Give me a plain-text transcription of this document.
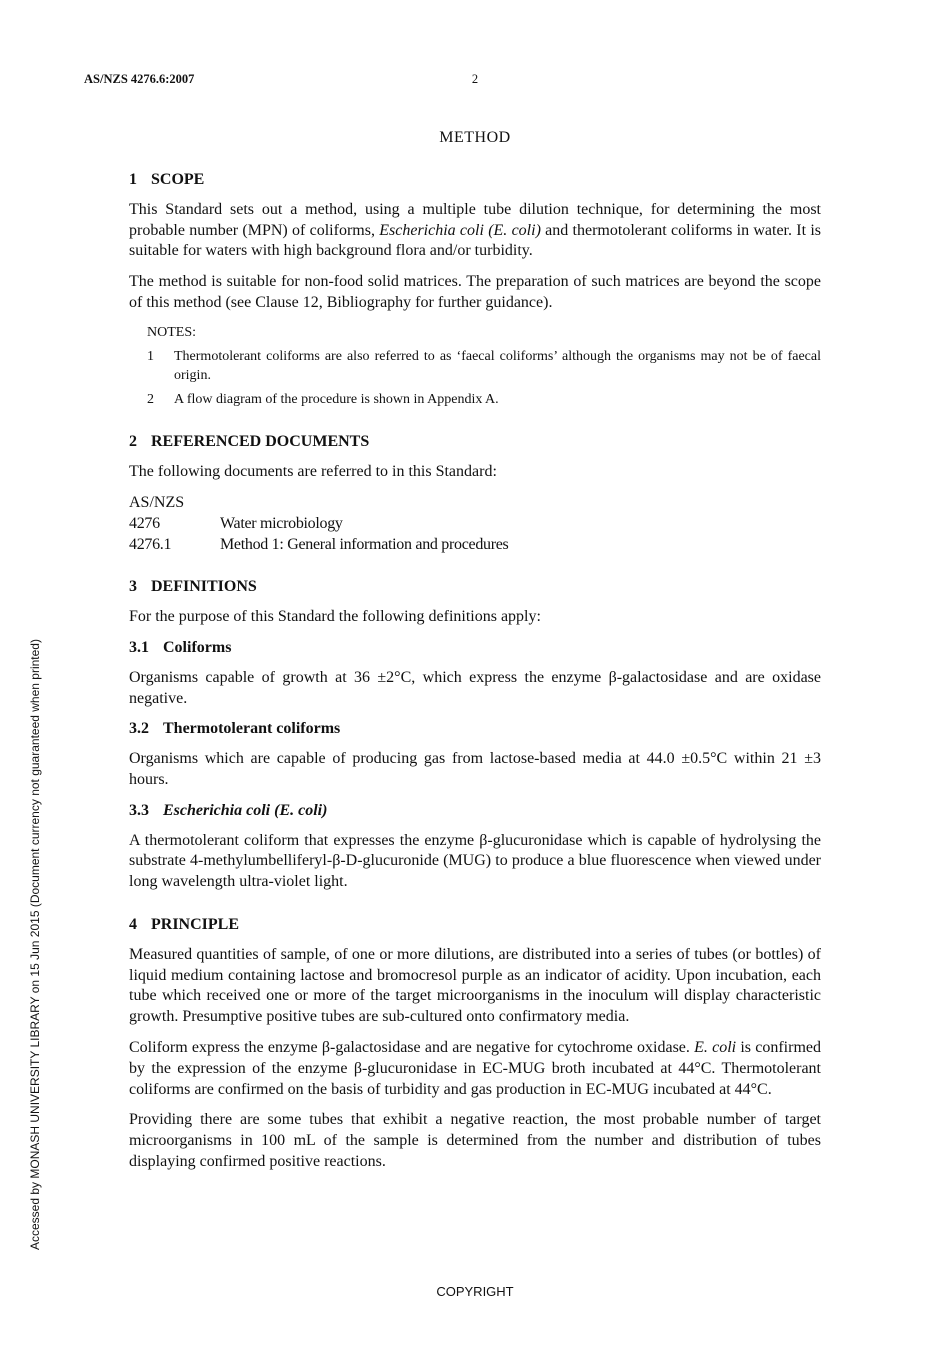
AS/NZS 4276.6:2007	2
METHOD
1 SCOPE

This Standard sets out a method, using a multiple tube dilution technique, for determining the most probable number (MPN) of coliforms, Escherichia coli (E. coli) and thermotolerant coliforms in water. It is suitable for waters with high background flora and/or turbidity.

The method is suitable for non-food solid matrices. The preparation of such matrices are beyond the scope of this method (see Clause 12, Bibliography for further guidance).

NOTES:
1	Thermotolerant coliforms are also referred to as ‘faecal coliforms’ although the organisms may not be of faecal origin.
2	A flow diagram of the procedure is shown in Appendix A.
2 REFERENCED DOCUMENTS

The following documents are referred to in this Standard:

AS/NZS
4276	Water microbiology
4276.1	Method 1: General information and procedures
3 DEFINITIONS

For the purpose of this Standard the following definitions apply:

3.1 Coliforms

Organisms capable of growth at 36 ±2°C, which express the enzyme β-galactosidase and are oxidase negative.

3.2 Thermotolerant coliforms

Organisms which are capable of producing gas from lactose-based media at 44.0 ±0.5°C within 21 ±3 hours.

3.3 Escherichia coli (E. coli)

A thermotolerant coliform that expresses the enzyme β-glucuronidase which is capable of hydrolysing the substrate 4-methylumbelliferyl-β-D-glucuronide (MUG) to produce a blue fluorescence when viewed under long wavelength ultra-violet light.

4 PRINCIPLE

Measured quantities of sample, of one or more dilutions, are distributed into a series of tubes (or bottles) of liquid medium containing lactose and bromocresol purple as an indicator of acidity. Upon incubation, each tube which received one or more of the target microorganisms in the inoculum will display characteristic growth. Presumptive positive tubes are sub-cultured onto confirmatory media.

Coliform express the enzyme β-galactosidase and are negative for cytochrome oxidase. E. coli is confirmed by the expression of the enzyme β-glucuronidase in EC-MUG broth incubated at 44°C. Thermotolerant coliforms are confirmed on the basis of turbidity and gas production in EC-MUG incubated at 44°C.

Providing there are some tubes that exhibit a negative reaction, the most probable number of target microorganisms in 100 mL of the sample is determined from the number and distribution of tubes displaying confirmed positive reactions.

Accessed by MONASH UNIVERSITY LIBRARY on 15 Jun 2015 (Document currency not guaranteed when printed)
COPYRIGHT
